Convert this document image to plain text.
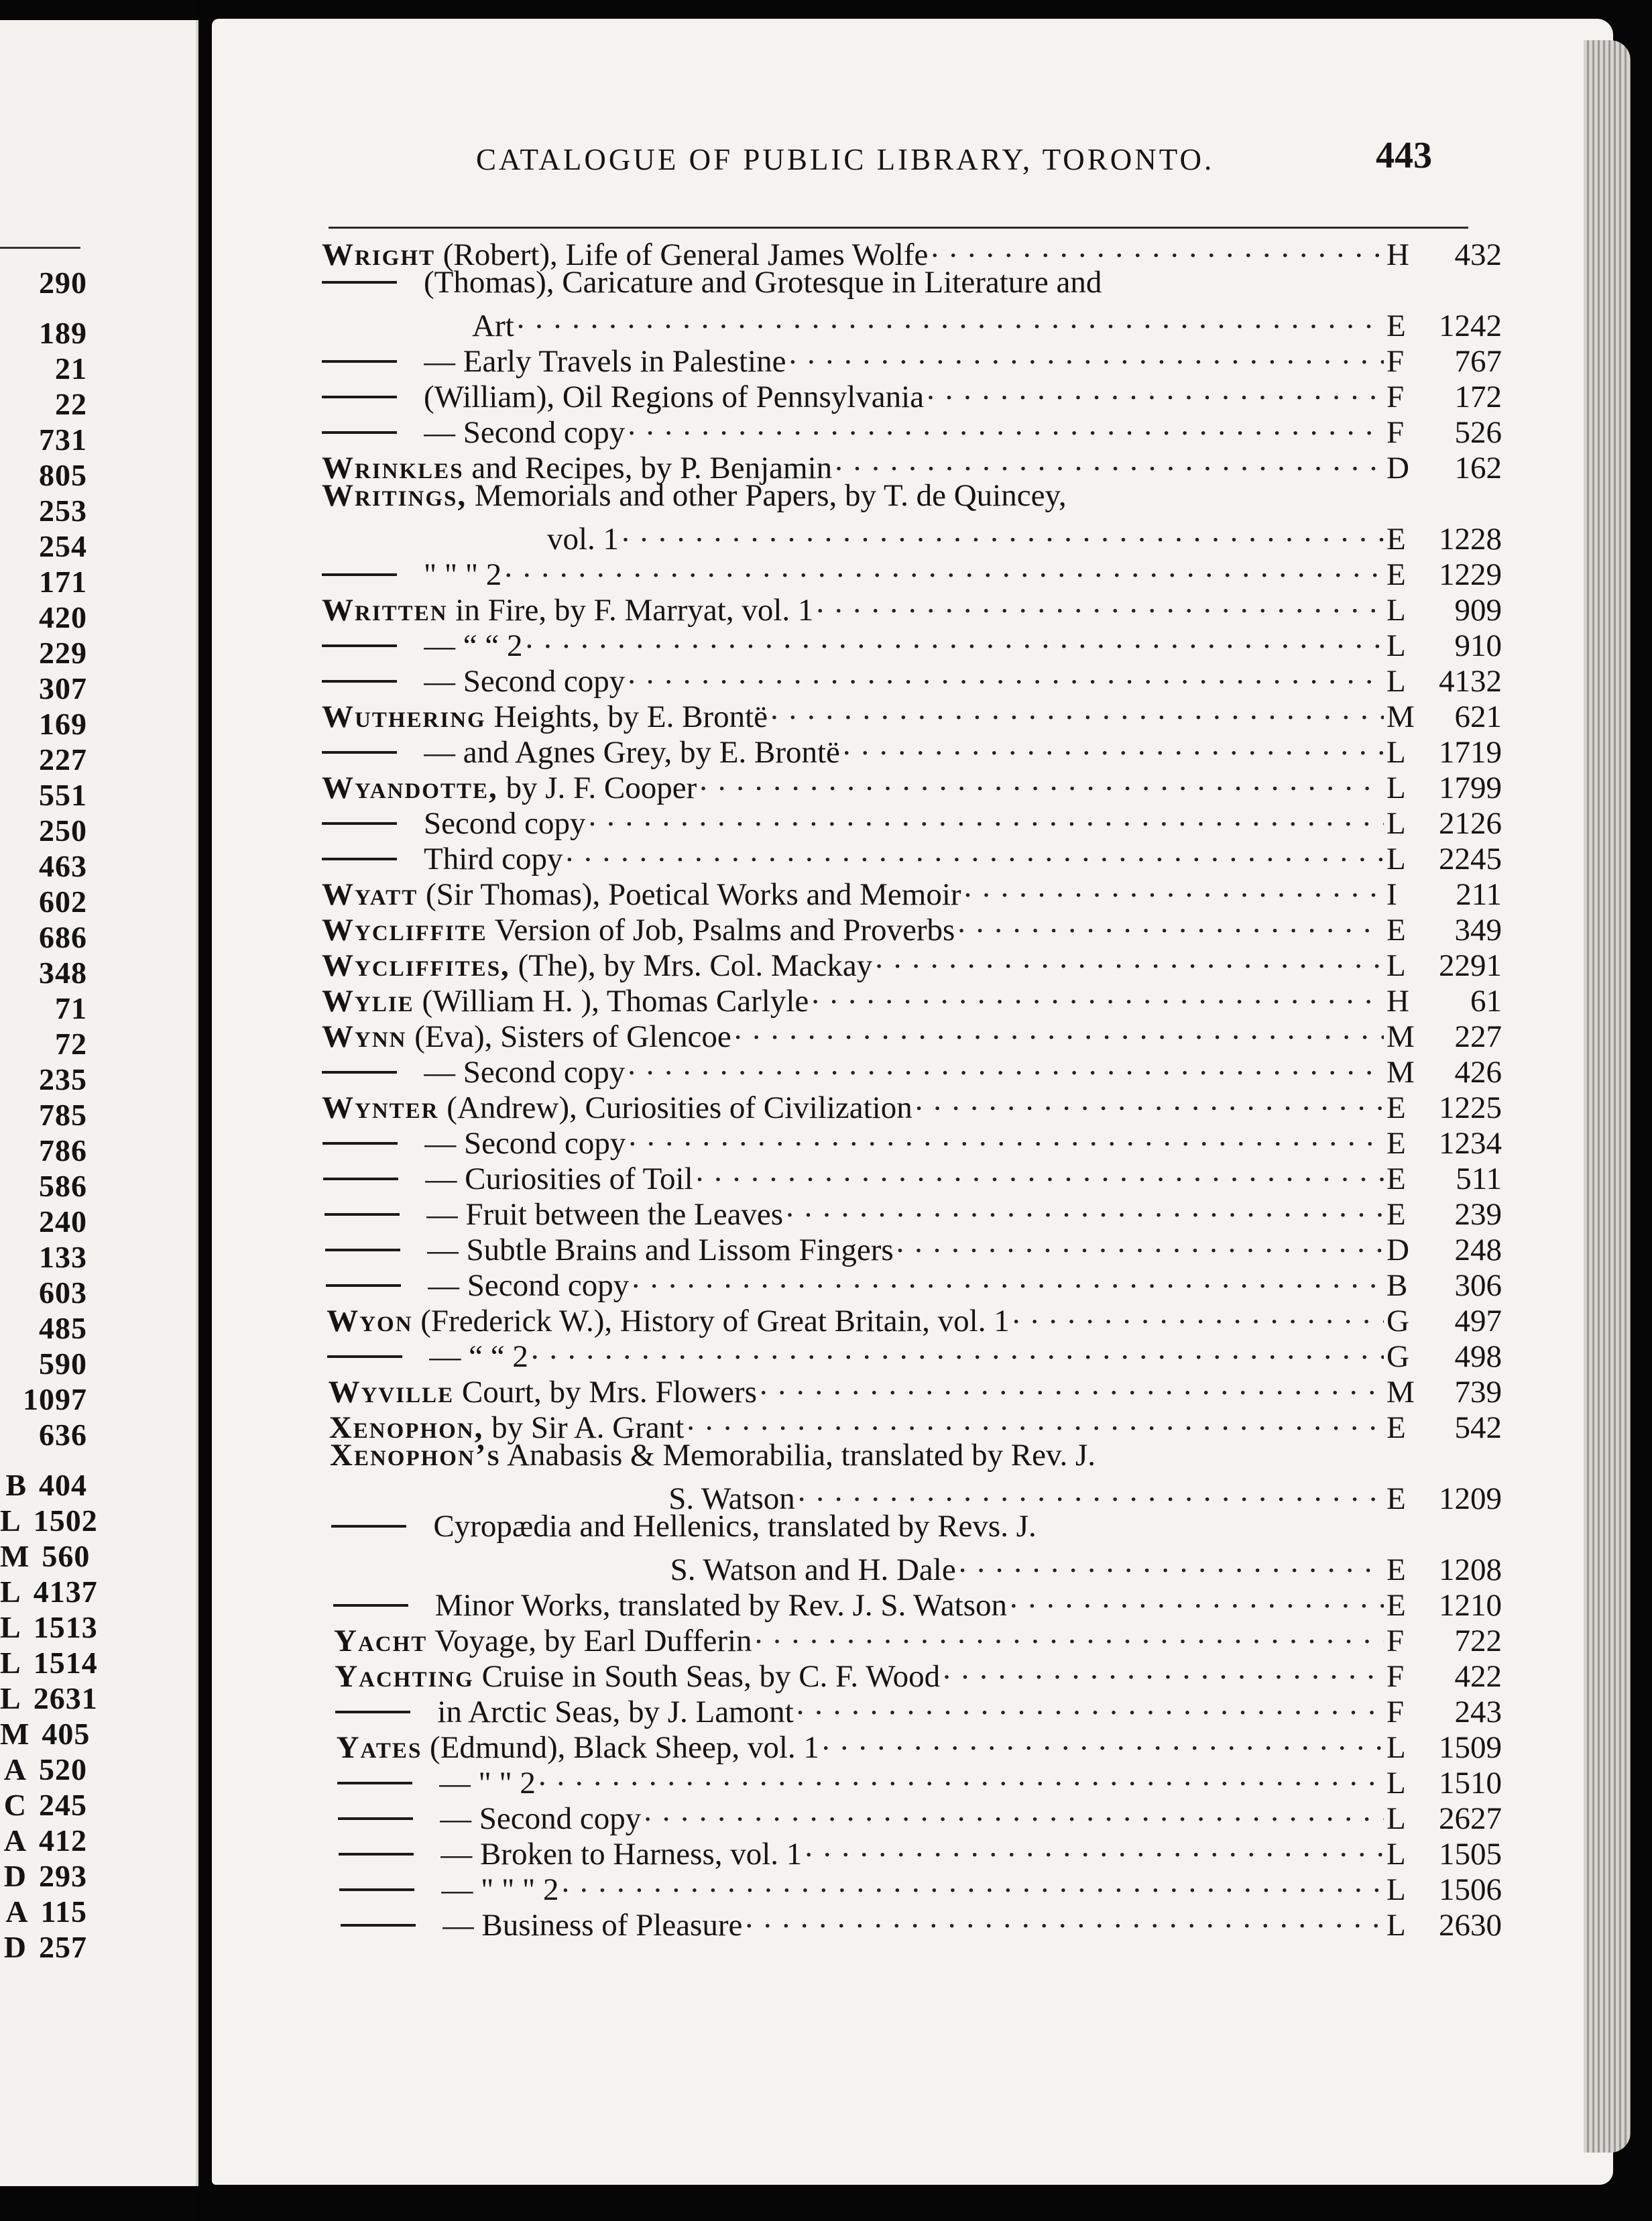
290
189
21
22
731
805
253
254
171
420
229
307
169
227
551
250
463
602
686
348
71
72
235
785
786
586
240
133
603
485
590
1097
636
B 404
L 1502
M 560
L 4137
L 1513
L 1514
L 2631
M 405
A 520
C 245
A 412
D 293
A 115
D 257
CATALOGUE OF PUBLIC LIBRARY, TORONTO.	443
Wright (Robert), Life of General James Wolfe . . .	H	432
(Thomas), Caricature and Grotesque in Literature and
Art . . .	E	1242
— Early Travels in Palestine . . .	F	767
(William), Oil Regions of Pennsylvania . . .	F	172
— Second copy . . .	F	526
Wrinkles and Recipes, by P. Benjamin . . .	D	162
Writings, Memorials and other Papers, by T. de Quincey,
vol. 1 . . .	E	1228
" " " 2 . . .	E	1229
Written in Fire, by F. Marryat, vol. 1 . . .	L	909
— “ “ 2 . . .	L	910
— Second copy . . .	L	4132
Wuthering Heights, by E. Brontë . . .	M	621
— and Agnes Grey, by E. Brontë . . .	L	1719
Wyandotte, by J. F. Cooper . . .	L	1799
Second copy . . .	L	2126
Third copy . . .	L	2245
Wyatt (Sir Thomas), Poetical Works and Memoir . . .	I	211
Wycliffite Version of Job, Psalms and Proverbs . . .	E	349
Wycliffites, (The), by Mrs. Col. Mackay . . .	L	2291
Wylie (William H. ), Thomas Carlyle . . .	H	61
Wynn (Eva), Sisters of Glencoe . . .	M	227
— Second copy . . .	M	426
Wynter (Andrew), Curiosities of Civilization . . .	E	1225
— Second copy . . .	E	1234
— Curiosities of Toil . . .	E	511
— Fruit between the Leaves . . .	E	239
— Subtle Brains and Lissom Fingers . . .	D	248
— Second copy . . .	B	306
Wyon (Frederick W.), History of Great Britain, vol. 1 . . .	G	497
— “ “ 2 . . .	G	498
Wyville Court, by Mrs. Flowers . . .	M	739
Xenophon, by Sir A. Grant . . .	E	542
Xenophon’s Anabasis & Memorabilia, translated by Rev. J.
S. Watson . . .	E	1209
Cyropædia and Hellenics, translated by Revs. J.
S. Watson and H. Dale . . .	E	1208
Minor Works, translated by Rev. J. S. Watson . . .	E	1210
Yacht Voyage, by Earl Dufferin . . .	F	722
Yachting Cruise in South Seas, by C. F. Wood . . .	F	422
in Arctic Seas, by J. Lamont . . .	F	243
Yates (Edmund), Black Sheep, vol. 1 . . .	L	1509
— " " 2 . . .	L	1510
— Second copy . . .	L	2627
— Broken to Harness, vol. 1 . . .	L	1505
— " " " 2 . . .	L	1506
— Business of Pleasure . . .	L	2630
